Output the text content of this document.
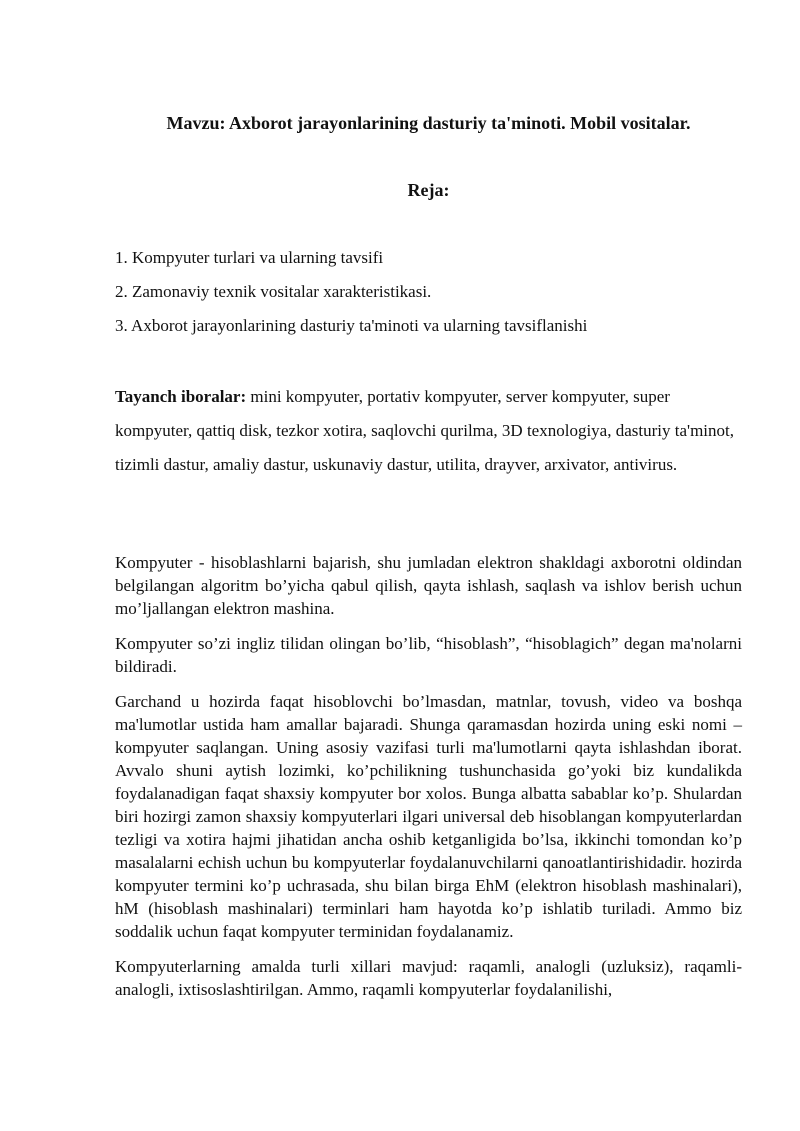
Mavzu: Axborot jarayonlarining dasturiy ta'minoti. Mobil vositalar.
Reja:
1. Kompyuter turlari va ularning tavsifi
2. Zamonaviy texnik vositalar xarakteristikasi.
3. Axborot jarayonlarining dasturiy ta'minoti va ularning tavsiflanishi

Tayanch iboralar: mini kompyuter, portativ kompyuter, server kompyuter, super kompyuter, qattiq disk, tezkor xotira, saqlovchi qurilma, 3D texnologiya, dasturiy ta'minot, tizimli dastur, amaliy dastur, uskunaviy dastur, utilita, drayver, arxivator, antivirus.

Kompyuter - hisoblashlarni bajarish, shu jumladan elektron shakldagi axborotni oldindan belgilangan algoritm bo’yicha qabul qilish, qayta ishlash, saqlash va ishlov berish uchun mo’ljallangan elektron mashina.

Kompyuter so’zi ingliz tilidan olingan bo’lib, “hisoblash”, “hisoblagich” degan ma'nolarni bildiradi.

Garchand u hozirda faqat hisoblovchi bo’lmasdan, matnlar, tovush, video va boshqa ma'lumotlar ustida ham amallar bajaradi. Shunga qaramasdan hozirda uning eski nomi – kompyuter saqlangan. Uning asosiy vazifasi turli ma'lumotlarni qayta ishlashdan iborat. Avvalo shuni aytish lozimki, ko’pchilikning tushunchasida go’yoki biz kundalikda foydalanadigan faqat shaxsiy kompyuter bor xolos. Bunga albatta sabablar ko’p. Shulardan biri hozirgi zamon shaxsiy kompyuterlari ilgari universal deb hisoblangan kompyuterlardan tezligi va xotira hajmi jihatidan ancha oshib ketganligida bo’lsa, ikkinchi tomondan ko’p masalalarni echish uchun bu kompyuterlar foydalanuvchilarni qanoatlantirishidadir. hozirda kompyuter termini ko’p uchrasada, shu bilan birga EhM (elektron hisoblash mashinalari), hM (hisoblash mashinalari) terminlari ham hayotda ko’p ishlatib turiladi. Ammo biz soddalik uchun faqat kompyuter terminidan foydalanamiz.

Kompyuterlarning amalda turli xillari mavjud: raqamli, analogli (uzluksiz), raqamli-analogli, ixtisoslashtirilgan. Ammo, raqamli kompyuterlar foydalanilishi,
